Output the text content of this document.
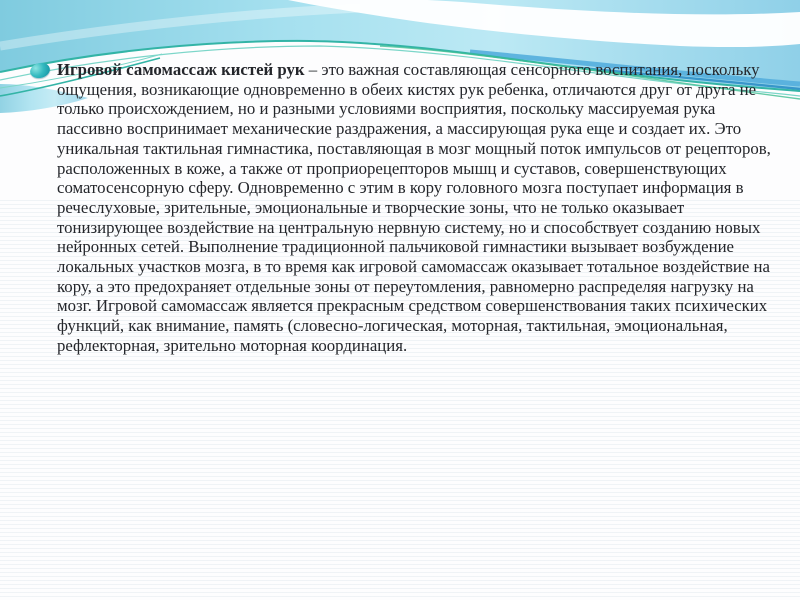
Игровой самомассаж кистей рук – это важная составляющая сенсорного воспитания, поскольку ощущения, возникающие одновременно в обеих кистях рук ребенка, отличаются друг от друга не только происхождением, но и разными условиями восприятия, поскольку массируемая рука пассивно воспринимает механические раздражения, а массирующая рука еще и создает их. Это уникальная тактильная гимнастика, поставляющая в мозг мощный поток импульсов от рецепторов, расположенных в коже, а также от проприорецепторов мышц и суставов, совершенствующих соматосенсорную сферу. Одновременно с этим в кору головного мозга поступает информация в речеслуховые, зрительные, эмоциональные и творческие зоны, что не только оказывает тонизирующее воздействие на центральную нервную систему, но и способствует созданию новых нейронных сетей. Выполнение традиционной пальчиковой гимнастики вызывает возбуждение локальных участков мозга, в то время как игровой самомассаж оказывает тотальное воздействие на кору, а это предохраняет отдельные зоны от переутомления, равномерно распределяя нагрузку на мозг. Игровой самомассаж является прекрасным средством совершенствования таких психических функций, как внимание, память (словесно-логическая, моторная, тактильная, эмоциональная, рефлекторная, зрительно моторная координация.
